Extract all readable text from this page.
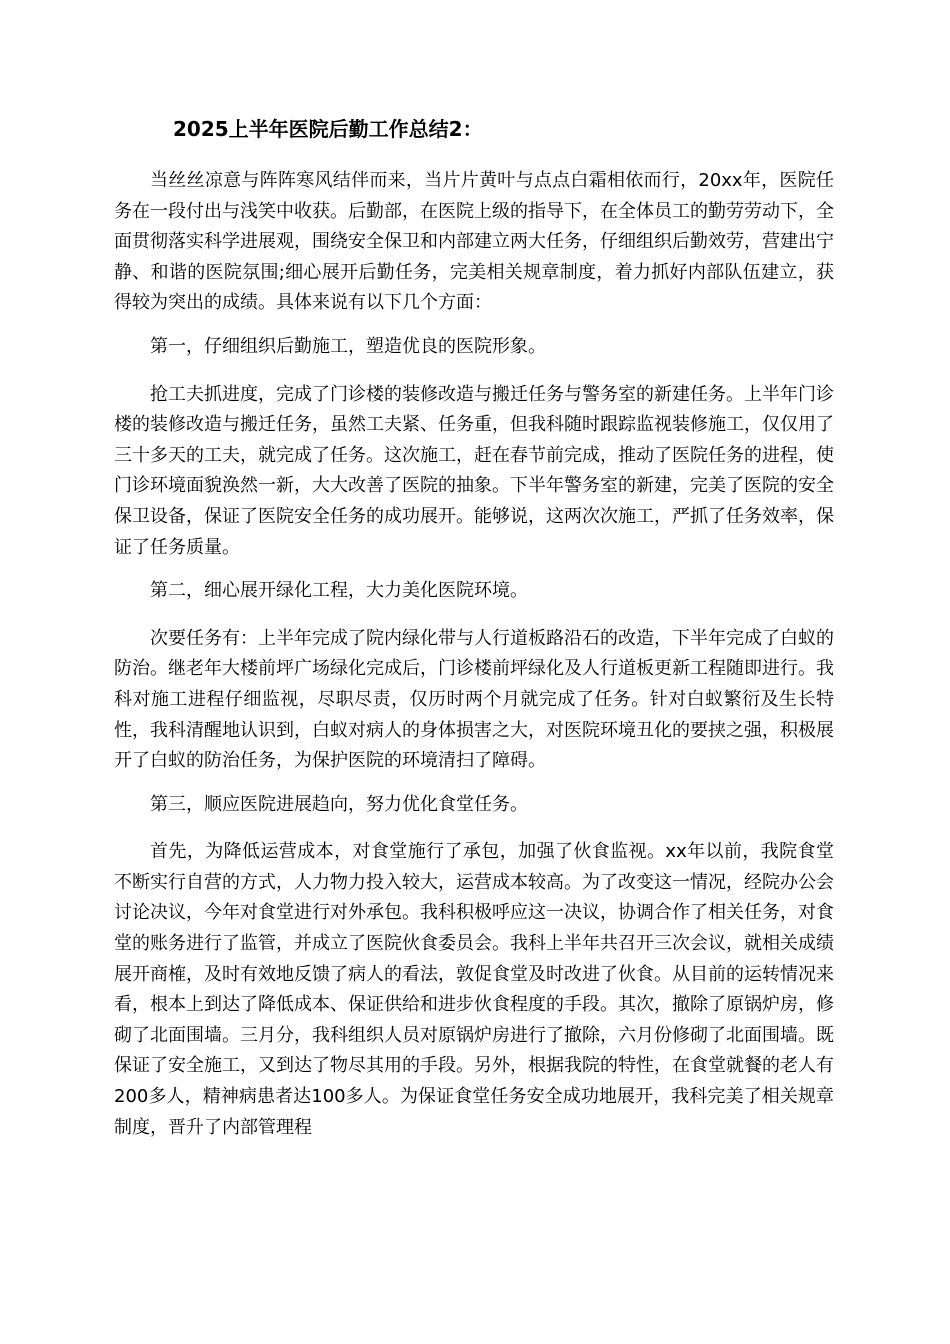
2025上半年医院后勤工作总结2：

当丝丝凉意与阵阵寒风结伴而来，当片片黄叶与点点白霜相依而行，20xx年，医院任务在一段付出与浅笑中收获。后勤部，在医院上级的指导下，在全体员工的勤劳劳动下，全面贯彻落实科学进展观，围绕安全保卫和内部建立两大任务，仔细组织后勤效劳，营建出宁静、和谐的医院氛围;细心展开后勤任务，完美相关规章制度，着力抓好内部队伍建立，获得较为突出的成绩。具体来说有以下几个方面：

第一，仔细组织后勤施工，塑造优良的医院形象。

抢工夫抓进度，完成了门诊楼的装修改造与搬迁任务与警务室的新建任务。上半年门诊楼的装修改造与搬迁任务，虽然工夫紧、任务重，但我科随时跟踪监视装修施工，仅仅用了三十多天的工夫，就完成了任务。这次施工，赶在春节前完成，推动了医院任务的进程，使门诊环境面貌涣然一新，大大改善了医院的抽象。下半年警务室的新建，完美了医院的安全保卫设备，保证了医院安全任务的成功展开。能够说，这两次次施工，严抓了任务效率，保证了任务质量。

第二，细心展开绿化工程，大力美化医院环境。

次要任务有：上半年完成了院内绿化带与人行道板路沿石的改造，下半年完成了白蚁的防治。继老年大楼前坪广场绿化完成后，门诊楼前坪绿化及人行道板更新工程随即进行。我科对施工进程仔细监视，尽职尽责，仅历时两个月就完成了任务。针对白蚁繁衍及生长特性，我科清醒地认识到，白蚁对病人的身体损害之大，对医院环境丑化的要挟之强，积极展开了白蚁的防治任务，为保护医院的环境清扫了障碍。

第三，顺应医院进展趋向，努力优化食堂任务。

首先，为降低运营成本，对食堂施行了承包，加强了伙食监视。xx年以前，我院食堂不断实行自营的方式，人力物力投入较大，运营成本较高。为了改变这一情况，经院办公会讨论决议，今年对食堂进行对外承包。我科积极呼应这一决议，协调合作了相关任务，对食堂的账务进行了监管，并成立了医院伙食委员会。我科上半年共召开三次会议，就相关成绩展开商榷，及时有效地反馈了病人的看法，敦促食堂及时改进了伙食。从目前的运转情况来看，根本上到达了降低成本、保证供给和进步伙食程度的手段。其次，撤除了原锅炉房，修砌了北面围墙。三月分，我科组织人员对原锅炉房进行了撤除，六月份修砌了北面围墙。既保证了安全施工，又到达了物尽其用的手段。另外，根据我院的特性，在食堂就餐的老人有200多人，精神病患者达100多人。为保证食堂任务安全成功地展开，我科完美了相关规章制度，晋升了内部管理程
